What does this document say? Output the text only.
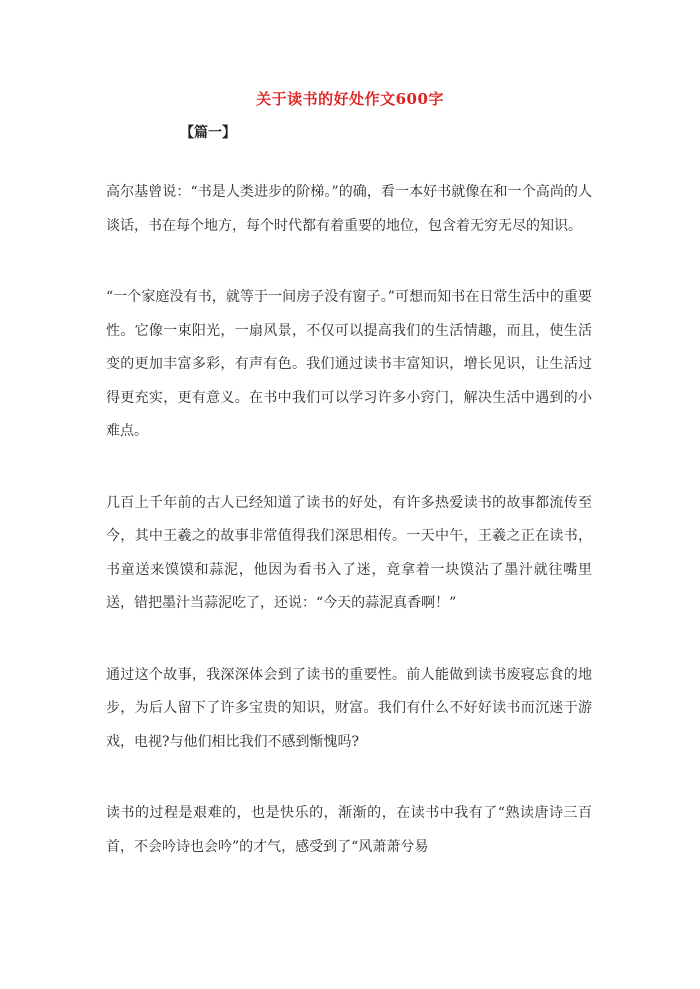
关于读书的好处作文600字
【篇一】

高尔基曾说：“书是人类进步的阶梯。”的确，看一本好书就像在和一个高尚的人谈话，书在每个地方，每个时代都有着重要的地位，包含着无穷无尽的知识。

“一个家庭没有书，就等于一间房子没有窗子。”可想而知书在日常生活中的重要性。它像一束阳光，一扇风景，不仅可以提高我们的生活情趣，而且，使生活变的更加丰富多彩，有声有色。我们通过读书丰富知识，增长见识，让生活过得更充实，更有意义。在书中我们可以学习许多小窍门，解决生活中遇到的小难点。

几百上千年前的古人已经知道了读书的好处，有许多热爱读书的故事都流传至今，其中王羲之的故事非常值得我们深思相传。一天中午，王羲之正在读书，书童送来馍馍和蒜泥，他因为看书入了迷，竟拿着一块馍沾了墨汁就往嘴里送，错把墨汁当蒜泥吃了，还说：“今天的蒜泥真香啊！”

通过这个故事，我深深体会到了读书的重要性。前人能做到读书废寝忘食的地步，为后人留下了许多宝贵的知识，财富。我们有什么不好好读书而沉迷于游戏，电视?与他们相比我们不感到惭愧吗?

读书的过程是艰难的，也是快乐的，渐渐的，在读书中我有了“熟读唐诗三百首，不会吟诗也会吟”的才气，感受到了“风萧萧兮易
